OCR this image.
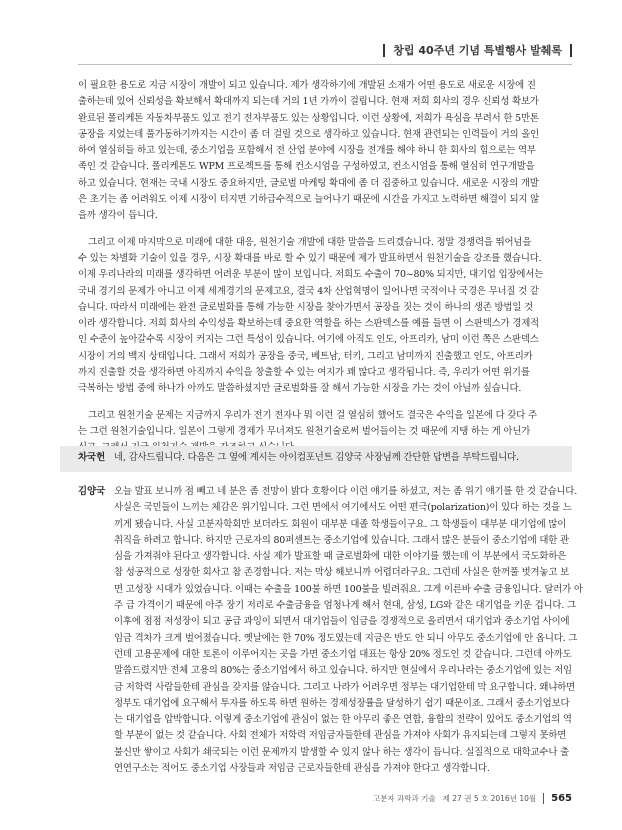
창립 40주년 기념 특별행사 발췌록
이 필요한 용도로 지금 시장이 개발이 되고 있습니다. 제가 생각하기에 개발된 소재가 어떤 용도로 새로운 시장에 진
출하는데 있어 신뢰성을 확보해서 확대까지 되는데 거의 1년 가까이 걸립니다. 현재 저희 회사의 경우 신뢰성 확보가
완료된 폴리케톤 자동차부품도 있고 전기 전자부품도 있는 상황입니다. 이런 상황에, 저희가 욕심을 부려서 한 5만톤
공장을 지었는데 풀가동하기까지는 시간이 좀 더 걸릴 것으로 생각하고 있습니다. 현재 관련되는 인력들이 거의 올인
하여 열심히들 하고 있는데, 중소기업을 포함해서 전 산업 분야에 시장을 전개를 해야 하니 한 회사의 힘으로는 역부
족인 것 같습니다. 폴리케톤도 WPM 프로젝트를 통해 컨소시엄을 구성하였고, 컨소시엄을 통해 열심히 연구개발을
하고 있습니다. 현재는 국내 시장도 중요하지만, 글로벌 마케팅 확대에 좀 더 집중하고 있습니다. 새로운 시장의 개발
은 초기는 좀 어려워도 이제 시장이 터지면 기하급수적으로 늘어나기 때문에 시간을 가지고 노력하면 해결이 되지 않
을까 생각이 듭니다.
그리고 이제 마지막으로 미래에 대한 대응, 원천기술 개발에 대한 말씀을 드리겠습니다. 정말 경쟁력을 뛰어넘을
수 있는 차별화 기술이 있을 경우, 시장 확대를 바로 할 수 있기 때문에 제가 발표하면서 원천기술을 강조를 했습니다.
이제 우리나라의 미래를 생각하면 어려운 부분이 많이 보입니다. 저희도 수출이 70~80% 되지만, 대기업 입장에서는
국내 경기의 문제가 아니고 이제 세계경기의 문제고요, 결국 4차 산업혁명이 일어나면 국적이나 국경은 무너질 것 같
습니다. 따라서 미래에는 완전 글로벌화를 통해 가능한 시장을 찾아가면서 공장을 짓는 것이 하나의 생존 방법일 것
이라 생각합니다. 저희 회사의 수익성을 확보하는데 중요한 역할을 하는 스판덱스를 예를 들면 이 스판덱스가 경제적
인 수준이 높아갈수록 시장이 커지는 그런 특성이 있습니다. 여기에 아직도 인도, 아프리카, 남미 이런 쪽은 스판덱스
시장이 거의 백지 상태입니다. 그래서 저희가 공장을 중국, 베트남, 터키, 그리고 남미까지 진출했고 인도, 아프리카
까지 진출할 것을 생각하면 아직까지 수익을 창출할 수 있는 여지가 꽤 많다고 생각됩니다. 즉, 우리가 어떤 위기를
극복하는 방법 중에 하나가 아까도 말씀하셨지만 글로벌화를 잘 해서 가능한 시장을 가는 것이 아닐까 싶습니다.
그리고 원천기술 문제는 지금까지 우리가 전기 전자나 뭐 이런 걸 열심히 했어도 결국은 수익을 일본에 다 갖다 주
는 그런 원천기술입니다. 일본이 그렇게 경제가 무너져도 원천기술로써 벌어들이는 것 때문에 지탱 하는 게 아닌가
차국헌 네, 감사드립니다. 다음은 그 옆에 계시는 아이컴포넌트 김양국 사장님께 간단한 답변을 부탁드립니다.
김양국 오늘 발표 보니까 점 빼고 네 분은 좀 전망이 밝다 호황이다 이런 얘기를 하셨고, 저는 좀 위기 얘기를 한 것 같습니다.
사실은 국민들이 느끼는 체감은 위기입니다. 그런 면에서 여기에서도 어떤 편극(polarization)이 있다 하는 것을 느
끼게 됐습니다. 사실 고분자학회만 보더라도 회원이 대부분 대졸 학생들이구요. 그 학생들이 대부분 대기업에 많이
취직을 하려고 합니다. 하지만 근로자의 80퍼센트는 중소기업에 있습니다. 그래서 많은 분들이 중소기업에 대한 관
심을 가져줘야 된다고 생각합니다. 사실 제가 발표할 때 글로벌화에 대한 이야기를 했는데 이 부분에서 국도화하은
참 성공적으로 성장한 회사고 참 존경합니다. 저는 막상 해보니까 어렵더라구요. 그런데 사실은 한꺼풀 벗겨놓고 보
면 고성장 시대가 있었습니다. 이때는 수출을 100불 하면 100불을 빌려줘요. 그게 이른바 수출 금융입니다. 달러가 아
주 급 가격이기 때문에 아주 장기 저리로 수출금융을 엄청나게 해서 현대, 삼성, LG와 같은 대기업을 키운 겁니다. 그
이후에 점점 저성장이 되고 공급 과잉이 되면서 대기업들이 임금을 경쟁적으로 올리면서 대기업과 중소기업 사이에
임금 격차가 크게 벌어졌습니다. 옛날에는 한 70% 정도였는데 지금은 반도 안 되니 아무도 중소기업에 안 옵니다. 그
런데 고용문제에 대한 토론이 이루어지는 곳을 가면 중소기업 대표는 항상 20% 정도인 것 같습니다. 그런데 아까도
말씀드렸지만 전체 고용의 80%는 중소기업에서 하고 있습니다. 하지만 현실에서 우리나라는 중소기업에 있는 저임
금 저학력 사람들한테 관심을 갖지를 않습니다. 그리고 나라가 어려우면 정부는 대기업한테 막 요구합니다. 왜냐하면
정부도 대기업에 요구해서 투자를 하도록 하면 원하는 경제성장률을 달성하기 쉽기 때문이죠. 그래서 중소기업보다
는 대기업을 압박합니다. 이렇게 중소기업에 관심이 없는 한 아무리 좋은 연합, 융합의 전략이 있어도 중소기업의 역
할 부분이 없는 것 같습니다. 사회 전체가 저학력 저임금자들한테 관심을 가져야 사회가 유지되는데 그렇지 못하면
불신만 쌓이고 사회가 쇄국되는 이런 문제까지 발생할 수 있지 않나 하는 생각이 듭니다. 실질적으로 대학교수나 출
연연구소는 적어도 중소기업 사장들과 저임금 근로자들한테 관심을 가져야 한다고 생각합니다.
고분자 과학과 기술 제 27 권 5 호 2016년 10월 565
